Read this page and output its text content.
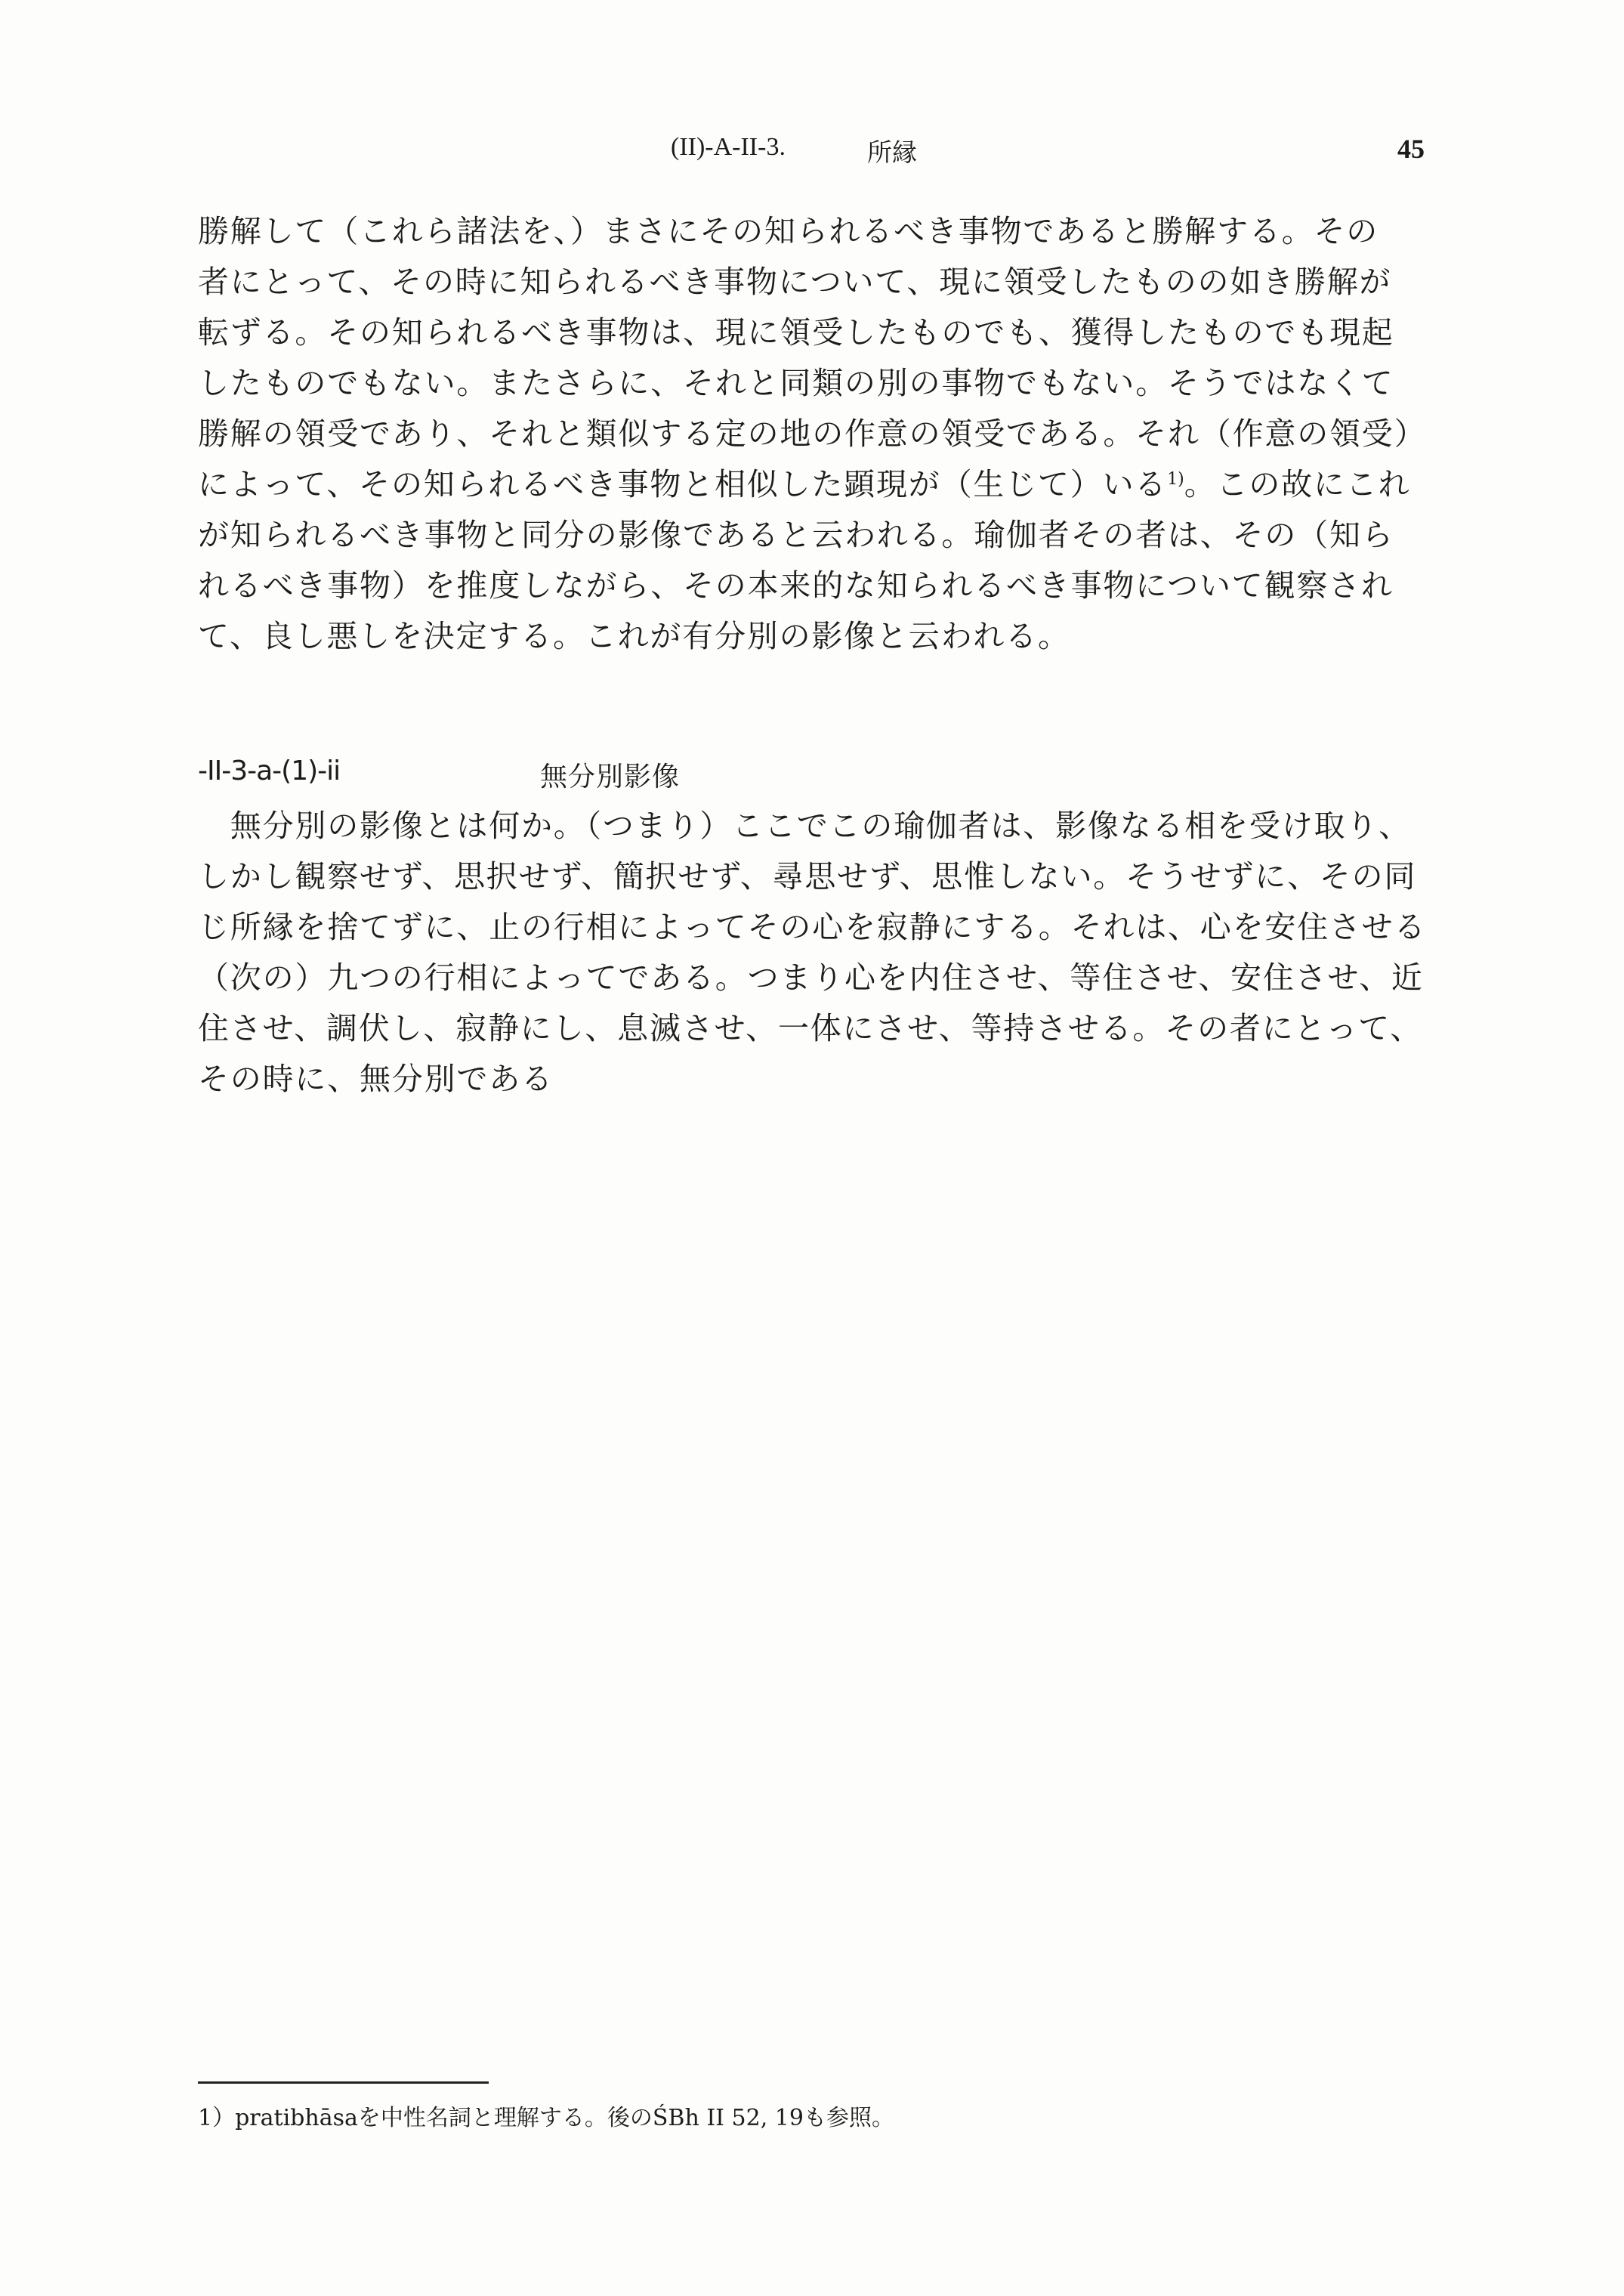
(II)-A-II-3.	所縁	45
勝解して（これら諸法を、）まさにその知られるべき事物であると勝解する。その
者にとって、その時に知られるべき事物について、現に領受したものの如き勝解が
転ずる。その知られるべき事物は、現に領受したものでも、獲得したものでも現起
したものでもない。またさらに、それと同類の別の事物でもない。そうではなくて
勝解の領受であり、それと類似する定の地の作意の領受である。それ（作意の領受）
によって、その知られるべき事物と相似した顕現が（生じて）いる$^{1)}$。この故にこれ
が知られるべき事物と同分の影像であると云われる。瑜伽者その者は、その（知ら
れるべき事物）を推度しながら、その本来的な知られるべき事物について観察され
て、良し悪しを決定する。これが有分別の影像と云われる。
-II-3-a-(1)-ii	無分別影像
　無分別の影像とは何か。（つまり）ここでこの瑜伽者は、影像なる相を受け取り、
しかし観察せず、思択せず、簡択せず、尋思せず、思惟しない。そうせずに、その同
じ所縁を捨てずに、止の行相によってその心を寂静にする。それは、心を安住させる
（次の）九つの行相によってである。つまり心を内住させ、等住させ、安住させ、近
住させ、調伏し、寂静にし、息滅させ、一体にさせ、等持させる。その者にとって、
その時に、無分別である
1）pratibhāsaを中性名詞と理解する。後のŚBh II 52, 19も参照。
